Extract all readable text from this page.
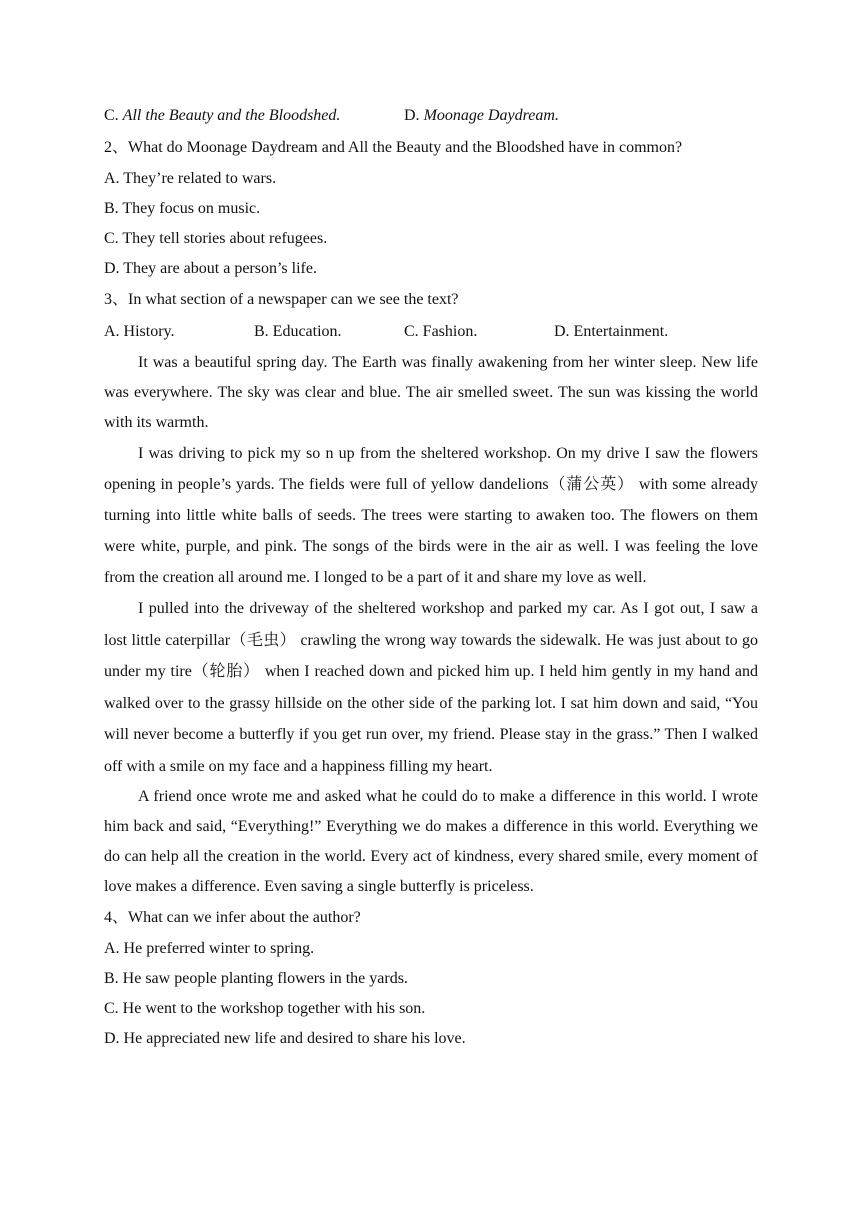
C. All the Beauty and the Bloodshed.	D. Moonage Daydream.
2、What do Moonage Daydream and All the Beauty and the Bloodshed have in common?
A. They’re related to wars.
B. They focus on music.
C. They tell stories about refugees.
D. They are about a person’s life.
3、In what section of a newspaper can we see the text?
A. History.	B. Education.	C. Fashion.	D. Entertainment.

It was a beautiful spring day. The Earth was finally awakening from her winter sleep. New life was everywhere. The sky was clear and blue. The air smelled sweet. The sun was kissing the world with its warmth.

I was driving to pick my so n up from the sheltered workshop. On my drive I saw the flowers opening in people’s yards. The fields were full of yellow dandelions（蒲公英） with some already turning into little white balls of seeds. The trees were starting to awaken too. The flowers on them were white, purple, and pink. The songs of the birds were in the air as well. I was feeling the love from the creation all around me. I longed to be a part of it and share my love as well.

I pulled into the driveway of the sheltered workshop and parked my car. As I got out, I saw a lost little caterpillar（毛虫） crawling the wrong way towards the sidewalk. He was just about to go under my tire（轮胎） when I reached down and picked him up. I held him gently in my hand and walked over to the grassy hillside on the other side of the parking lot. I sat him down and said, “You will never become a butterfly if you get run over, my friend. Please stay in the grass.” Then I walked off with a smile on my face and a happiness filling my heart.

A friend once wrote me and asked what he could do to make a difference in this world. I wrote him back and said, “Everything!” Everything we do makes a difference in this world. Everything we do can help all the creation in the world. Every act of kindness, every shared smile, every moment of love makes a difference. Even saving a single butterfly is priceless.

4、What can we infer about the author?
A. He preferred winter to spring.
B. He saw people planting flowers in the yards.
C. He went to the workshop together with his son.
D. He appreciated new life and desired to share his love.
